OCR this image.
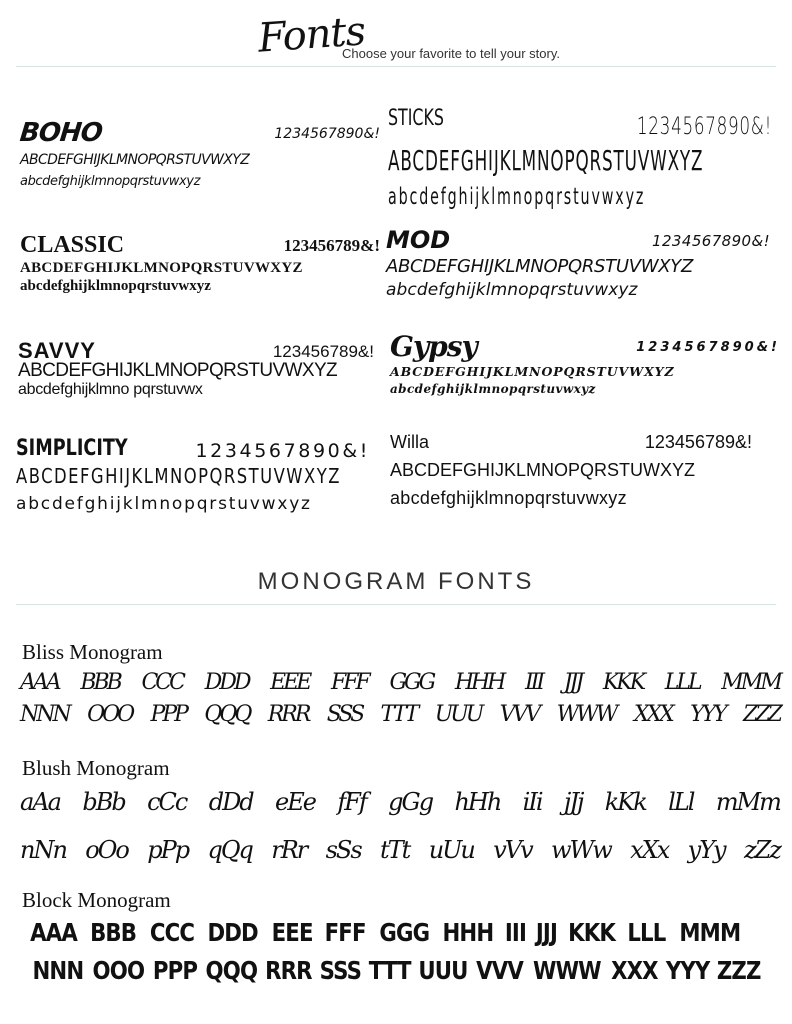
Fonts
Choose your favorite to tell your story.
BOHO	1234567890&!
ABCDEFGHIJKLMNOPQRSTUVWXYZ
abcdefghijklmnopqrstuvwxyz
STICKS	1234567890&!
ABCDEFGHIJKLMNOPQRSTUVWXYZ
abcdefghijklmnopqrstuvwxyz
CLASSIC	123456789&!
ABCDEFGHIJKLMNOPQRSTUVWXYZ
abcdefghijklmnopqrstuvwxyz
MOD	1234567890&!
ABCDEFGHIJKLMNOPQRSTUVWXYZ
abcdefghijklmnopqrstuvwxyz
SAVVY	123456789&!
ABCDEFGHIJKLMNOPQRSTUVWXYZ
abcdefghijklmno pqrstuvwx
Gypsy	1234567890&!
ABCDEFGHIJKLMNOPQRSTUVWXYZ
abcdefghijklmnopqrstuvwxyz
SIMPLICITY	1234567890&!
ABCDEFGHIJKLMNOPQRSTUVWXYZ
abcdefghijklmnopqrstuvwxyz
Willa	123456789&!
ABCDEFGHIJKLMNOPQRSTUWXYZ
abcdefghijklmnopqrstuvwxyz
MONOGRAM FONTS
Bliss Monogram
AAA BBB CCC DDD EEE FFF GGG HHH III JJJ KKK LLL MMM
NNN OOO PPP QQQ RRR SSS TTT UUU VVV WWW XXX YYY ZZZ
Blush Monogram
aAa bBb cCc dDd eEe fFf gGg hHh iIi jJj kKk lLl mMm
nNn oOo pPp qQq rRr sSs tTt uUu vVv wWw xXx yYy zZz
Block Monogram
AAA BBB CCC DDD EEE FFF GGG HHH III JJJ KKK LLL MMM
NNN OOO PPP QQQ RRR SSS TTT UUU VVV WWW XXX YYY ZZZ
